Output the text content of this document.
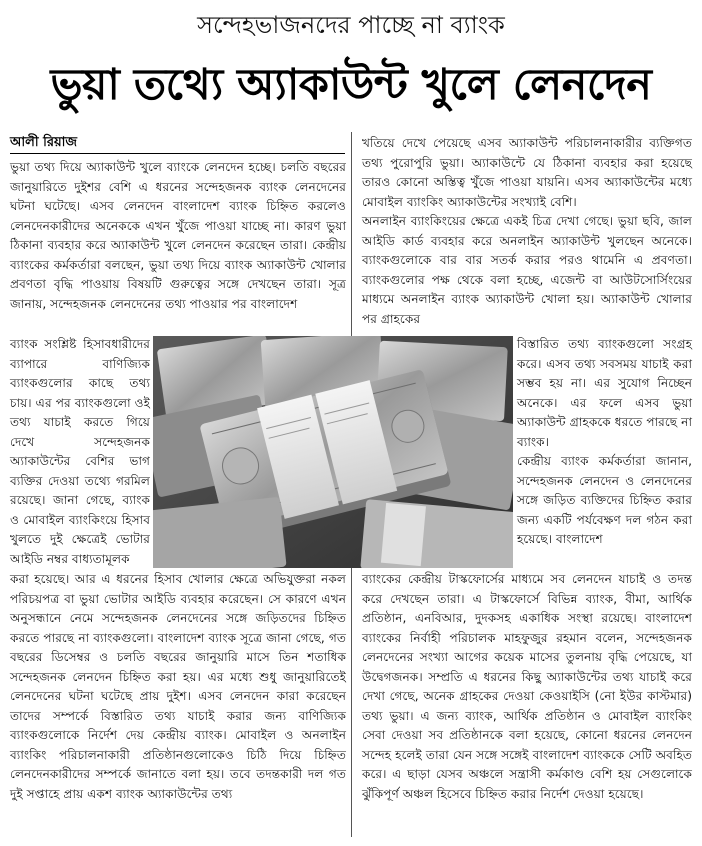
সন্দেহভাজনদের পাচ্ছে না ব্যাংক
ভুয়া তথ্যে অ্যাকাউন্ট খুলে লেনদেন
আলী রিয়াজ

ভুয়া তথ্য দিয়ে অ্যাকাউন্ট খুলে ব্যাংকে লেনদেন হচ্ছে। চলতি বছরের জানুয়ারিতে দুইশর বেশি এ ধরনের সন্দেহজনক ব্যাংক লেনদেনের ঘটনা ঘটেছে। এসব লেনদেন বাংলাদেশ ব্যাংক চিহ্নিত করলেও লেনদেনকারীদের অনেককে এখন খুঁজে পাওয়া যাচ্ছে না। কারণ ভুয়া ঠিকানা ব্যবহার করে অ্যাকাউন্ট খুলে লেনদেন করেছেন তারা। কেন্দ্রীয় ব্যাংকের কর্মকর্তারা বলছেন, ভুয়া তথ্য দিয়ে ব্যাংক অ্যাকাউন্ট খোলার প্রবণতা বৃদ্ধি পাওয়ায় বিষয়টি গুরুত্বের সঙ্গে দেখছেন তারা। সূত্র জানায়, সন্দেহজনক লেনদেনের তথ্য পাওয়ার পর বাংলাদেশ

ব্যাংক সংশ্লিষ্ট হিসাবধারীদের ব্যাপারে বাণিজ্যিক ব্যাংকগুলোর কাছে তথ্য চায়। এর পর ব্যাংকগুলো ওই তথ্য যাচাই করতে গিয়ে দেখে সন্দেহজনক অ্যাকাউন্টের বেশির ভাগ ব্যক্তির দেওয়া তথ্যে গরমিল রয়েছে। জানা গেছে, ব্যাংক ও মোবাইল ব্যাংকিংয়ে হিসাব খুলতে দুই ক্ষেত্রেই ভোটার আইডি নম্বর বাধ্যতামূলক

করা হয়েছে। আর এ ধরনের হিসাব খোলার ক্ষেত্রে অভিযুক্তরা নকল পরিচয়পত্র বা ভুয়া ভোটার আইডি ব্যবহার করেছেন। সে কারণে এখন অনুসন্ধানে নেমে সন্দেহজনক লেনদেনের সঙ্গে জড়িতদের চিহ্নিত করতে পারছে না ব্যাংকগুলো। বাংলাদেশ ব্যাংক সূত্রে জানা গেছে, গত বছরের ডিসেম্বর ও চলতি বছরের জানুয়ারি মাসে তিন শতাধিক সন্দেহজনক লেনদেন চিহ্নিত করা হয়। এর মধ্যে শুধু জানুয়ারিতেই লেনদেনের ঘটনা ঘটেছে প্রায় দুইশ। এসব লেনদেন কারা করেছেন তাদের সম্পর্কে বিস্তারিত তথ্য যাচাই করার জন্য বাণিজ্যিক ব্যাংকগুলোকে নির্দেশ দেয় কেন্দ্রীয় ব্যাংক। মোবাইল ও অনলাইন ব্যাংকিং পরিচালনাকারী প্রতিষ্ঠানগুলোকেও চিঠি দিয়ে চিহ্নিত লেনদেনকারীদের সম্পর্কে জানাতে বলা হয়। তবে তদন্তকারী দল গত দুই সপ্তাহে প্রায় একশ ব্যাংক অ্যাকাউন্টের তথ্য

খতিয়ে দেখে পেয়েছে এসব অ্যাকাউন্ট পরিচালনাকারীর ব্যক্তিগত তথ্য পুরোপুরি ভুয়া। অ্যাকাউন্টে যে ঠিকানা ব্যবহার করা হয়েছে তারও কোনো অস্তিত্ব খুঁজে পাওয়া যায়নি। এসব অ্যাকাউন্টের মধ্যে মোবাইল ব্যাংকিং অ্যাকাউন্টের সংখ্যাই বেশি।
অনলাইন ব্যাংকিংয়ের ক্ষেত্রে একই চিত্র দেখা গেছে। ভুয়া ছবি, জাল আইডি কার্ড ব্যবহার করে অনলাইন অ্যাকাউন্ট খুলছেন অনেকে। ব্যাংকগুলোকে বার বার সতর্ক করার পরও থামেনি এ প্রবণতা। ব্যাংকগুলোর পক্ষ থেকে বলা হচ্ছে, এজেন্ট বা আউটসোর্সিংয়ের মাধ্যমে অনলাইন ব্যাংক অ্যাকাউন্ট খোলা হয়। অ্যাকাউন্ট খোলার পর গ্রাহকের

বিস্তারিত তথ্য ব্যাংকগুলো সংগ্রহ করে। এসব তথ্য সবসময় যাচাই করা সম্ভব হয় না। এর সুযোগ নিচ্ছেন অনেকে। এর ফলে এসব ভুয়া অ্যাকাউন্ট গ্রাহককে ধরতে পারছে না ব্যাংক।
কেন্দ্রীয় ব্যাংক কর্মকর্তারা জানান, সন্দেহজনক লেনদেন ও লেনদেনের সঙ্গে জড়িত ব্যক্তিদের চিহ্নিত করার জন্য একটি পর্যবেক্ষণ দল গঠন করা হয়েছে। বাংলাদেশ

ব্যাংকের কেন্দ্রীয় টাস্কফোর্সের মাধ্যমে সব লেনদেন যাচাই ও তদন্ত করে দেখছেন তারা। এ টাস্কফোর্সে বিভিন্ন ব্যাংক, বীমা, আর্থিক প্রতিষ্ঠান, এনবিআর, দুদকসহ একাধিক সংস্থা রয়েছে। বাংলাদেশ ব্যাংকের নির্বাহী পরিচালক মাহফুজুর রহমান বলেন, সন্দেহজনক লেনদেনের সংখ্যা আগের কয়েক মাসের তুলনায় বৃদ্ধি পেয়েছে, যা উদ্বেগজনক। সম্প্রতি এ ধরনের কিছু অ্যাকাউন্টের তথ্য যাচাই করে দেখা গেছে, অনেক গ্রাহকের দেওয়া কেওয়াইসি (নো ইউর কাস্টমার) তথ্য ভুয়া। এ জন্য ব্যাংক, আর্থিক প্রতিষ্ঠান ও মোবাইল ব্যাংকিং সেবা দেওয়া সব প্রতিষ্ঠানকে বলা হয়েছে, কোনো ধরনের লেনদেন সন্দেহ হলেই তারা যেন সঙ্গে সঙ্গেই বাংলাদেশ ব্যাংককে সেটি অবহিত করে। এ ছাড়া যেসব অঞ্চলে সন্ত্রাসী কর্মকাণ্ড বেশি হয় সেগুলোকে ঝুঁকিপূর্ণ অঞ্চল হিসেবে চিহ্নিত করার নির্দেশ দেওয়া হয়েছে।
